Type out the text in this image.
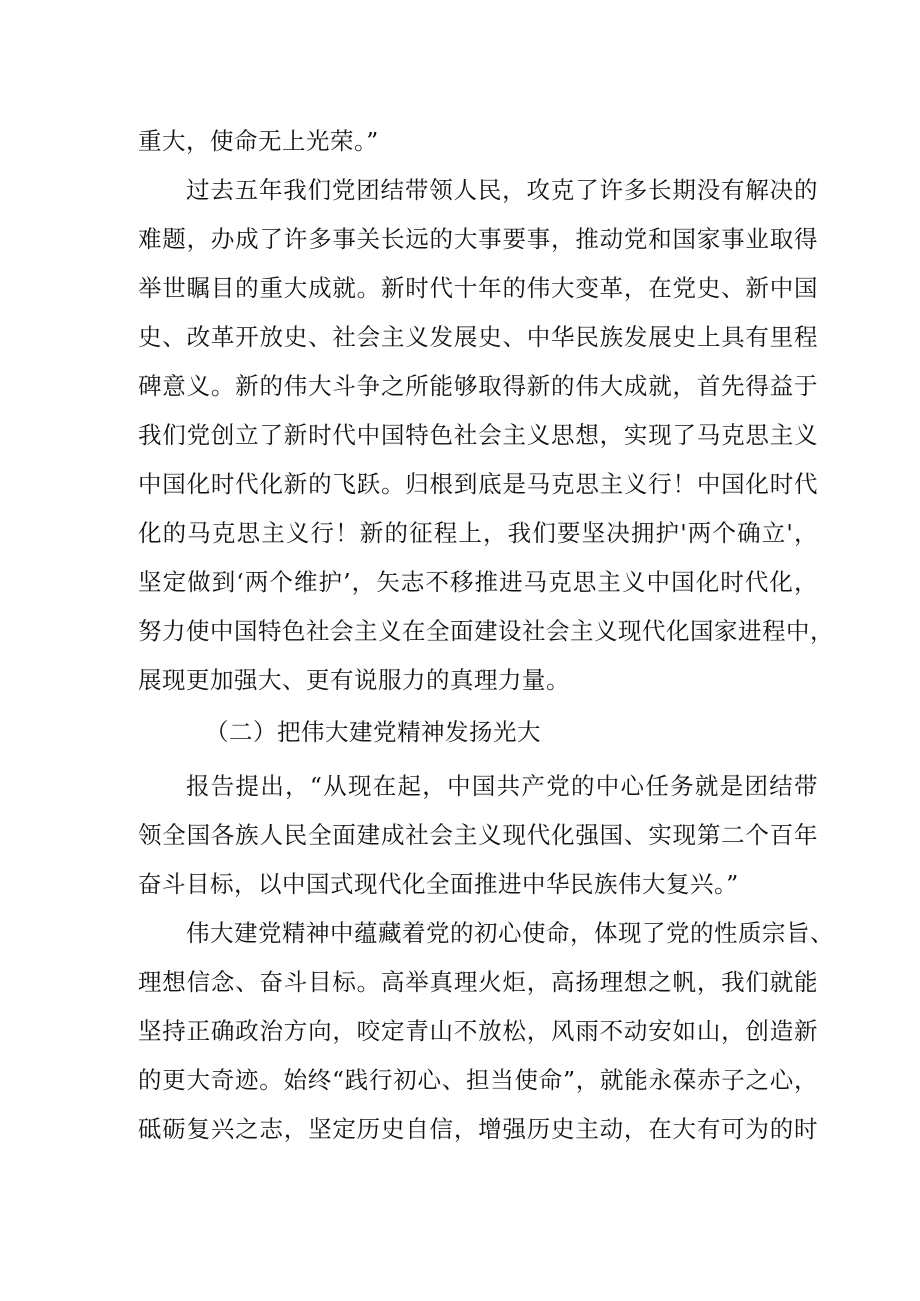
重大，使命无上光荣。”

过去五年我们党团结带领人民，攻克了许多长期没有解决的

难题，办成了许多事关长远的大事要事，推动党和国家事业取得

举世瞩目的重大成就。新时代十年的伟大变革，在党史、新中国

史、改革开放史、社会主义发展史、中华民族发展史上具有里程

碑意义。新的伟大斗争之所能够取得新的伟大成就，首先得益于

我们党创立了新时代中国特色社会主义思想，实现了马克思主义

中国化时代化新的飞跃。归根到底是马克思主义行！中国化时代

化的马克思主义行！新的征程上，我们要坚决拥护'两个确立'，

坚定做到‘两个维护’，矢志不移推进马克思主义中国化时代化，

努力使中国特色社会主义在全面建设社会主义现代化国家进程中，

展现更加强大、更有说服力的真理力量。

（二）把伟大建党精神发扬光大

报告提出，“从现在起，中国共产党的中心任务就是团结带

领全国各族人民全面建成社会主义现代化强国、实现第二个百年

奋斗目标，以中国式现代化全面推进中华民族伟大复兴。”

伟大建党精神中蕴藏着党的初心使命，体现了党的性质宗旨、

理想信念、奋斗目标。高举真理火炬，高扬理想之帆，我们就能

坚持正确政治方向，咬定青山不放松，风雨不动安如山，创造新

的更大奇迹。始终“践行初心、担当使命”，就能永葆赤子之心，

砥砺复兴之志，坚定历史自信，增强历史主动，在大有可为的时
